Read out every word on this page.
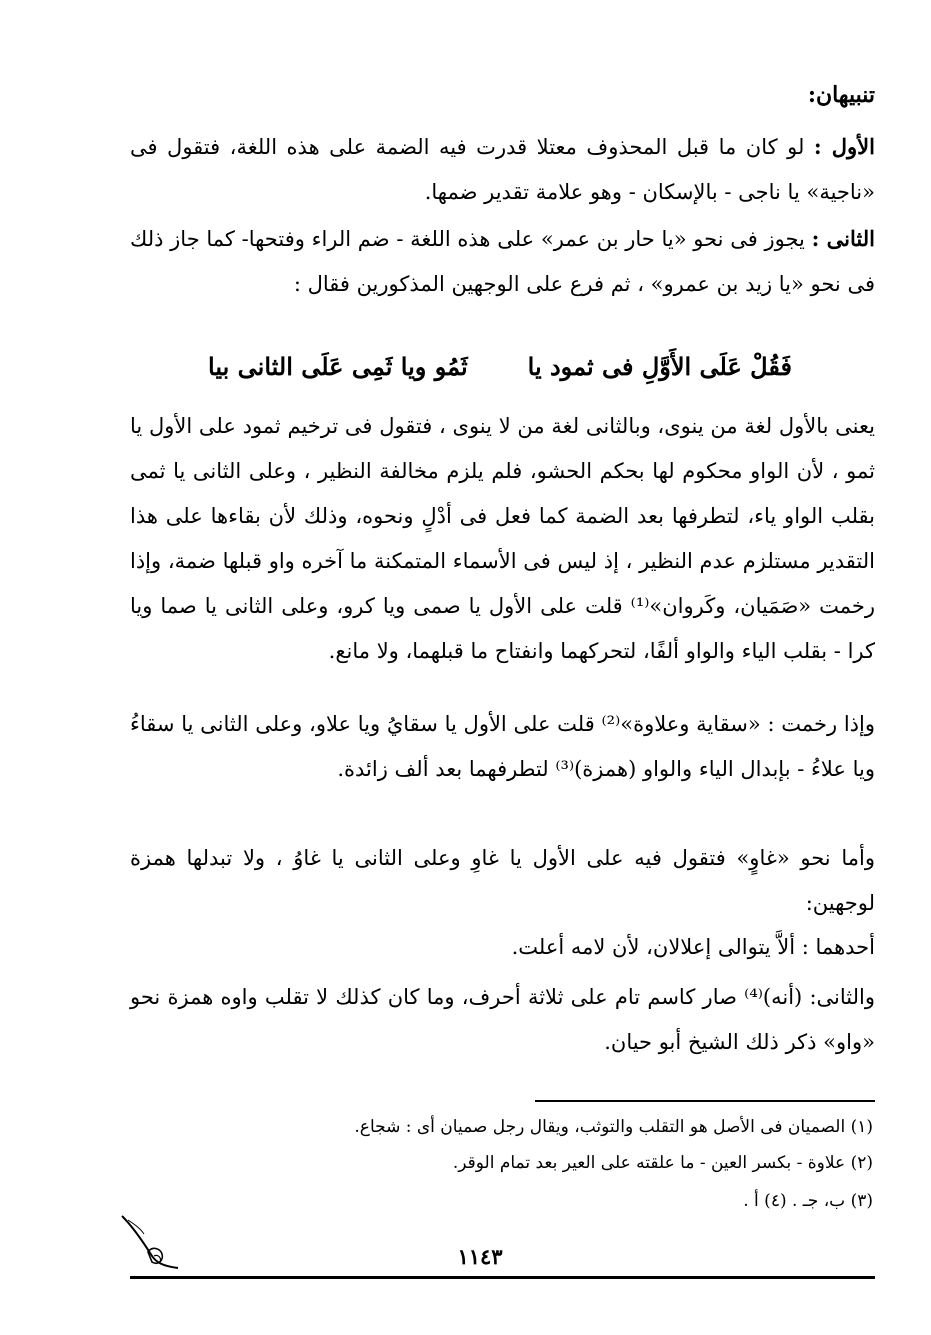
تنبيهان:

الأول : لو كان ما قبل المحذوف معتلا قدرت فيه الضمة على هذه اللغة، فتقول فى «ناجية» يا ناجى - بالإسكان - وهو علامة تقدير ضمها.

الثانى : يجوز فى نحو «يا حار بن عمر» على هذه اللغة - ضم الراء وفتحها- كما جاز ذلك فى نحو «يا زيد بن عمرو» ، ثم فرع على الوجهين المذكورين فقال :

فَقُلْ عَلَى الأَوَّلِ فى ثمود يا
ثَمُو ويا ثَمِى عَلَى الثانى بيا

يعنى بالأول لغة من ينوى، وبالثانى لغة من لا ينوى ، فتقول فى ترخيم ثمود على الأول يا ثمو ، لأن الواو محكوم لها بحكم الحشو، فلم يلزم مخالفة النظير ، وعلى الثانى يا ثمى بقلب الواو ياء، لتطرفها بعد الضمة كما فعل فى أدْلٍ ونحوه، وذلك لأن بقاءها على هذا التقدير مستلزم عدم النظير ، إذ ليس فى الأسماء المتمكنة ما آخره واو قبلها ضمة، وإذا رخمت «صَمَيان، وكَروان»⁽¹⁾ قلت على الأول يا صمى ويا كرو، وعلى الثانى يا صما ويا كرا - بقلب الياء والواو ألفًا، لتحركهما وانفتاح ما قبلهما، ولا مانع.

وإذا رخمت : «سقاية وعلاوة»⁽²⁾ قلت على الأول يا سقايُ ويا علاو، وعلى الثانى يا سقاءُ ويا علاءُ - بإبدال الياء والواو (همزة)⁽³⁾ لتطرفهما بعد ألف زائدة.

وأما نحو «غاوٍ» فتقول فيه على الأول يا غاوِ وعلى الثانى يا غاوُ ، ولا تبدلها همزة لوجهين:

أحدهما : ألاَّ يتوالى إعلالان، لأن لامه أعلت.

والثانى: (أنه)⁽⁴⁾ صار كاسم تام على ثلاثة أحرف، وما كان كذلك لا تقلب واوه همزة نحو «واو» ذكر ذلك الشيخ أبو حيان.

(١) الصميان فى الأصل هو التقلب والتوثب، ويقال رجل صميان أى : شجاع.
(٢) علاوة - بكسر العين - ما علقته على العير بعد تمام الوقر.
(٣) ب، جـ . (٤) أ .
١١٤٣
